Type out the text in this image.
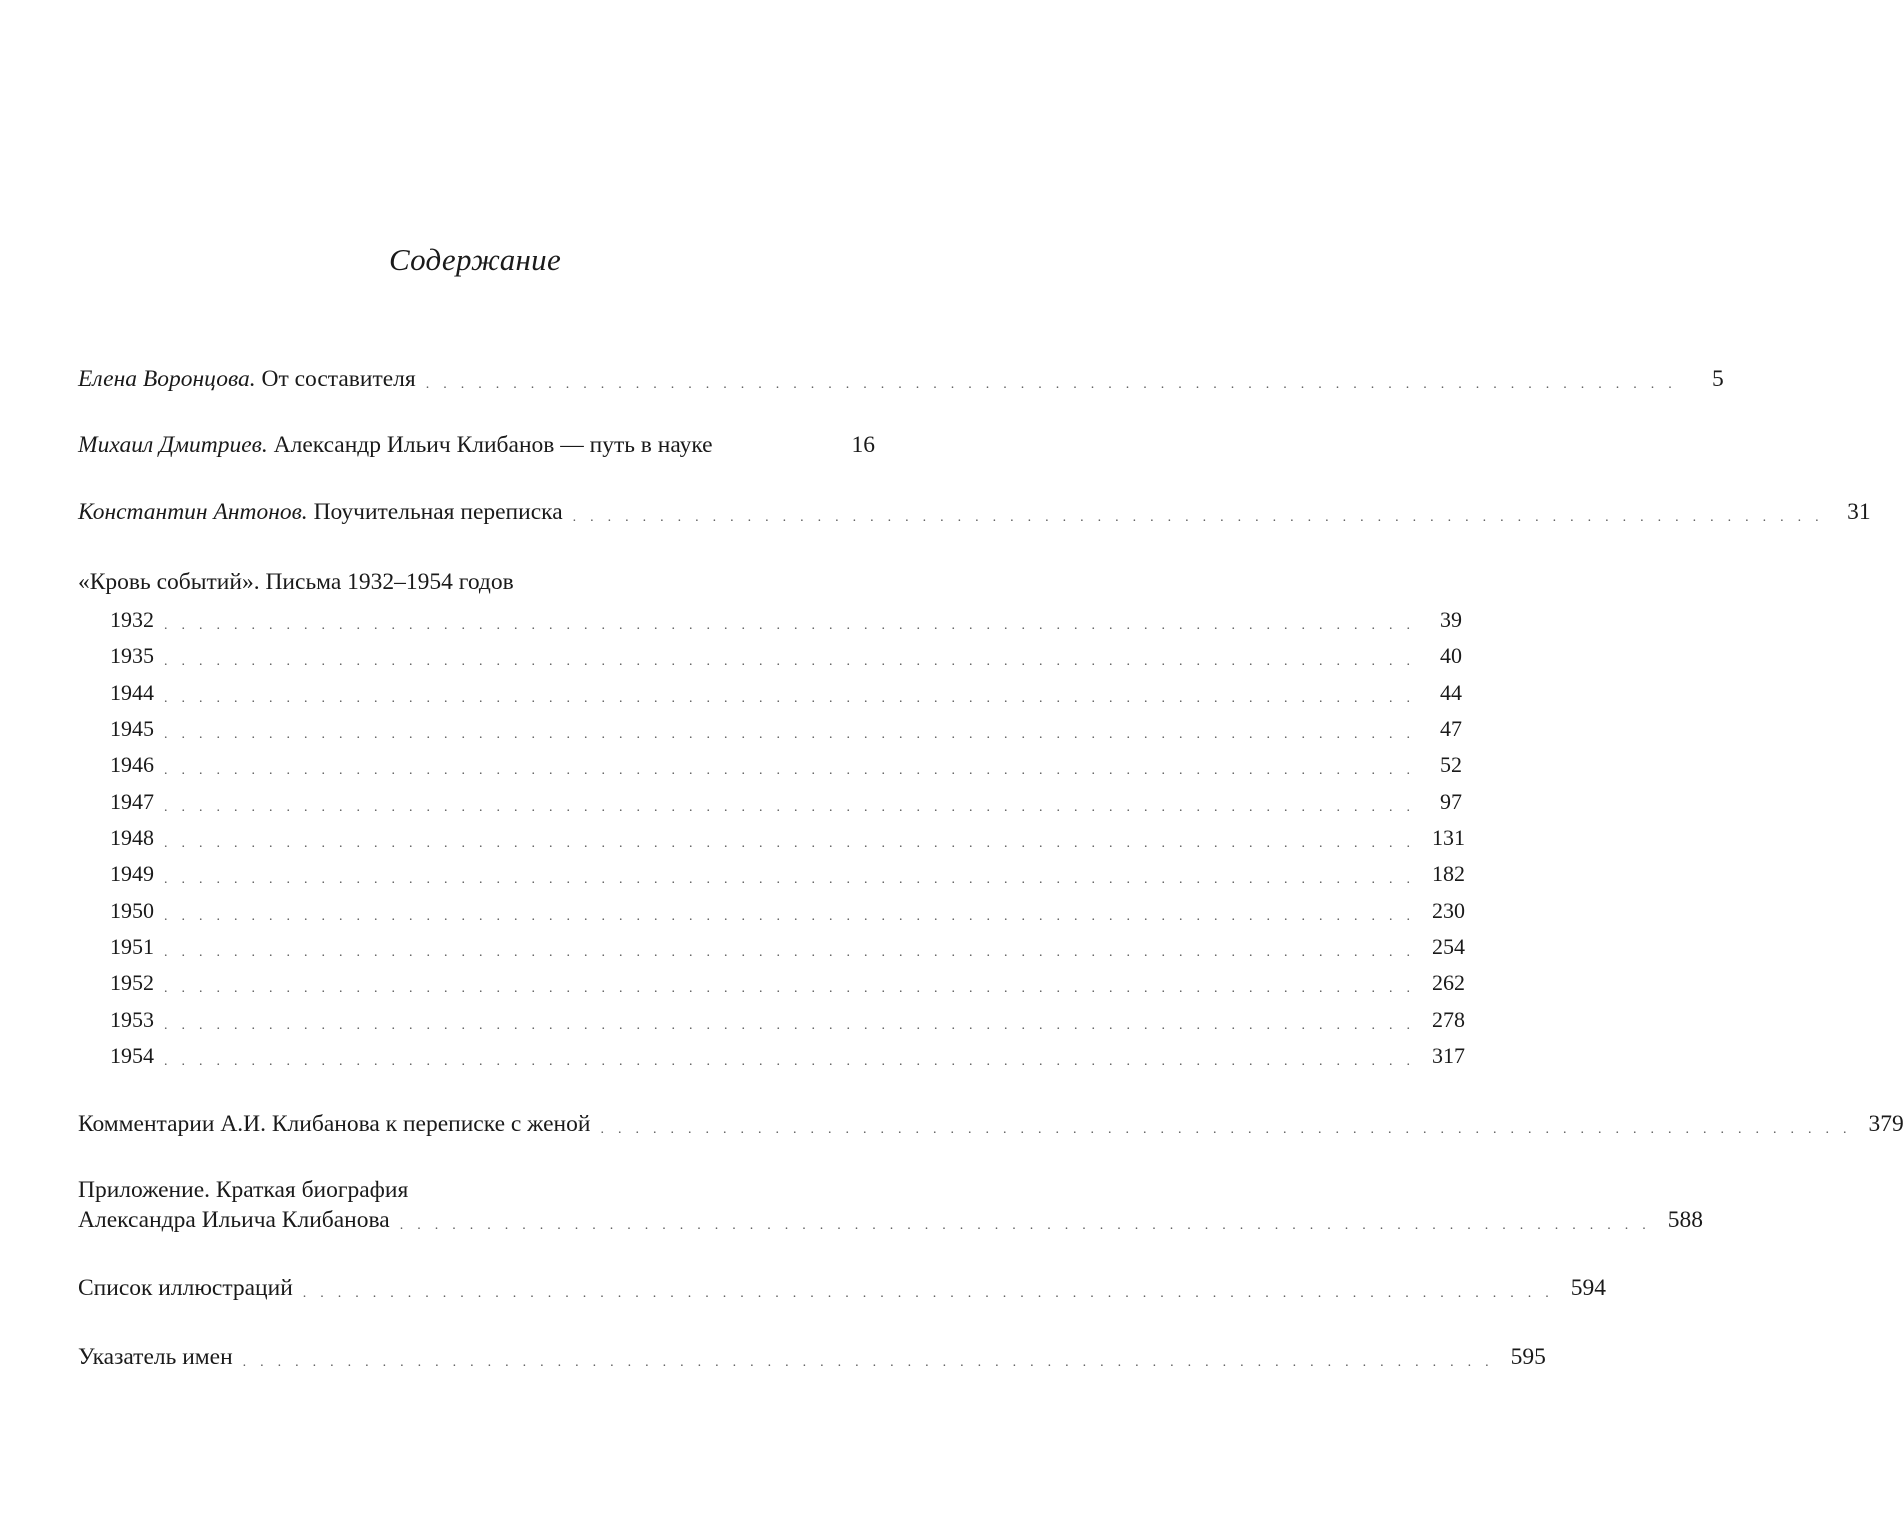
Содержание
Елена Воронцова.
От составителя ........................................................................	5
Михаил Дмитриев.
Александр Ильич Клибанов — путь в науке	16
Константин Антонов.
Поучительная переписка ........................................................................ 31
«Кровь событий». Письма 1932–1954 годов
1932 ........................................................................ 39
1935 ........................................................................ 40
1944 ........................................................................ 44
1945 ........................................................................ 47
1946 ........................................................................ 52
1947 ........................................................................ 97
1948 ........................................................................ 131
1949 ........................................................................ 182
1950 ........................................................................ 230
1951 ........................................................................ 254
1952 ........................................................................ 262
1953 ........................................................................ 278
1954 ........................................................................ 317
Комментарии А.И. Клибанова к переписке с женой ........................................................................ 379
Приложение. Краткая биография
Александра Ильича Клибанова ........................................................................ 588
Список иллюстраций ........................................................................ 594
Указатель имен ........................................................................ 595
